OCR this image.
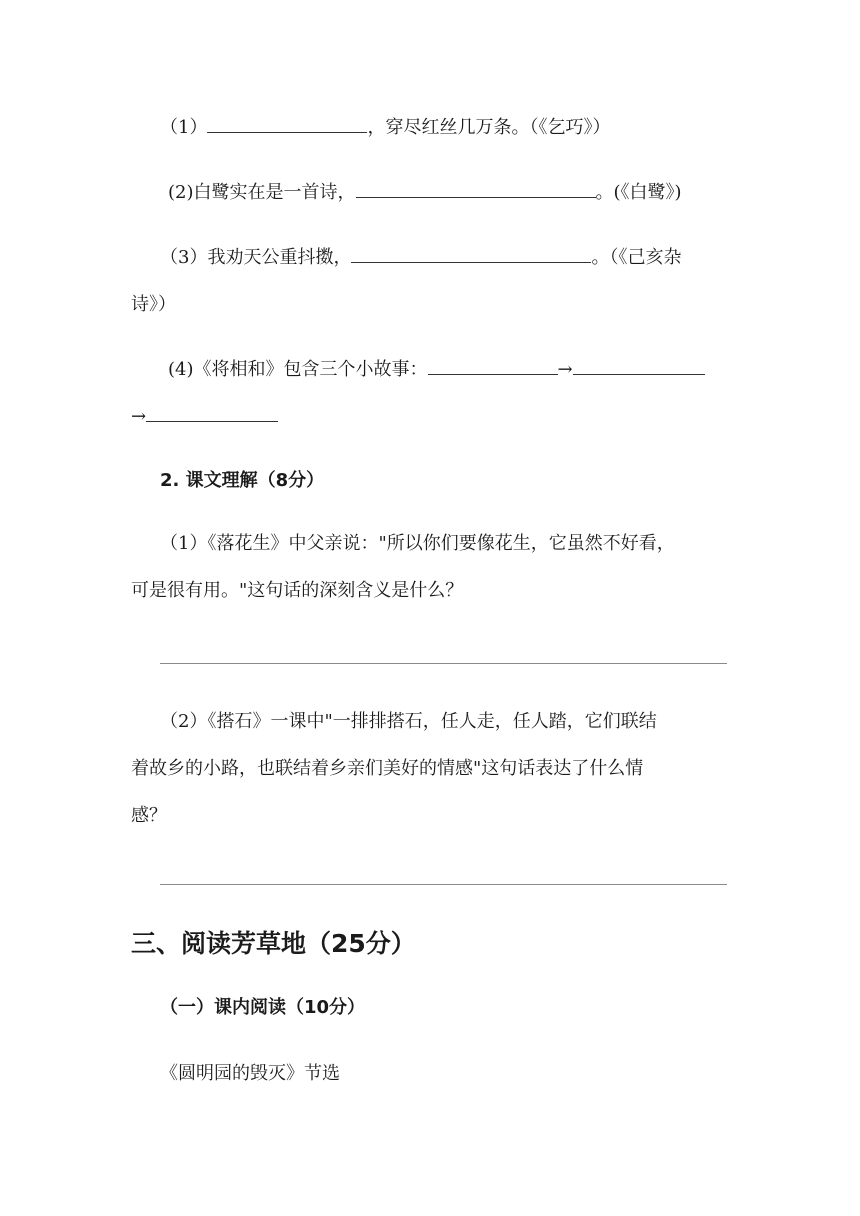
（1）	，穿尽红丝几万条。（《乞巧》）
(2)白鹭实在是一首诗，	。(《白鹭》)
（3）我劝天公重抖擞，	。（《己亥杂
诗》）
(4)《将相和》包含三个小故事：	→
→
2. 课文理解（8分）
（1）《落花生》中父亲说："所以你们要像花生，它虽然不好看，
可是很有用。"这句话的深刻含义是什么？
（2）《搭石》一课中"一排排搭石，任人走，任人踏，它们联结
着故乡的小路，也联结着乡亲们美好的情感"这句话表达了什么情
感？
三、阅读芳草地（25分）
（一）课内阅读（10分）
《圆明园的毁灭》节选
